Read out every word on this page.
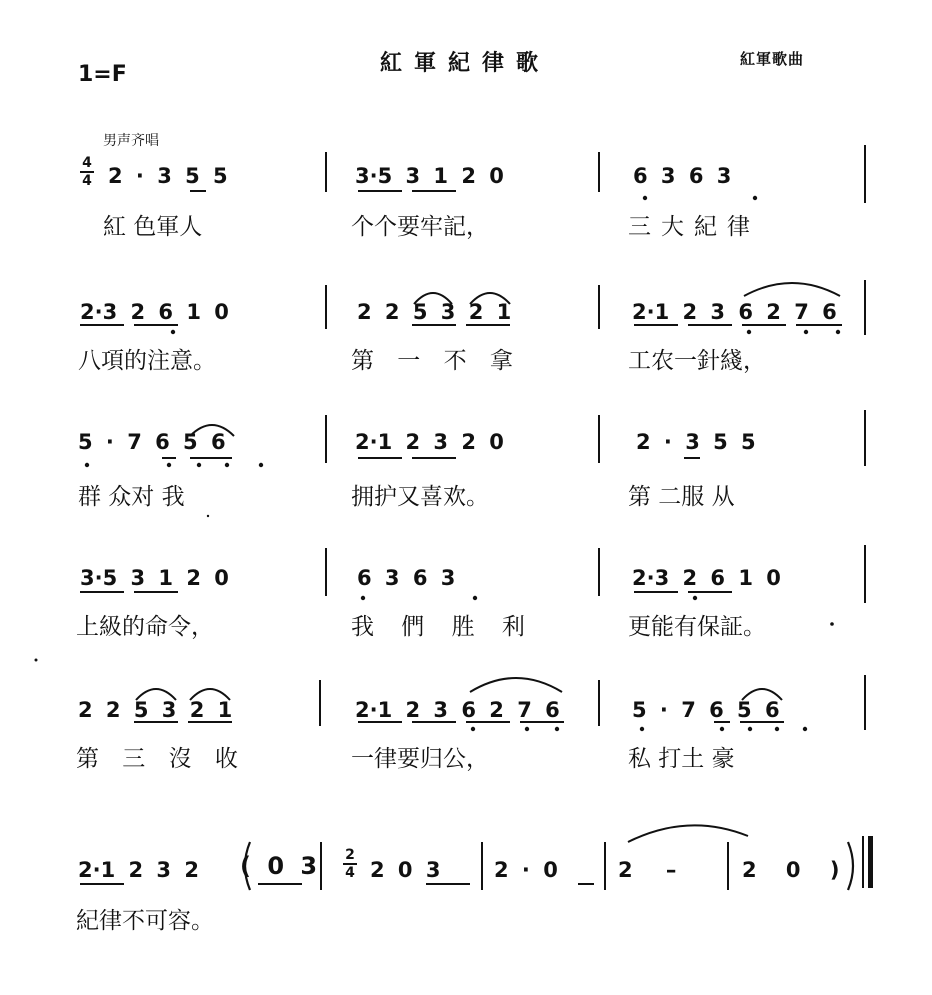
紅軍紀律歌
1=F
紅軍歌曲
男声齐唱
4
4 2 · 3 5 5	3·5 3 1 2 0	6 3 6 3
紅 色軍人	个个要牢記，	三大紀律
2·3 2 6 1 0	2 2 5 3 2 1	2·1 2 3 6 2 7 6
八項的注意。	第 一 不 拿	工农一針綫，
5 · 7 6 5 6	2·1 2 3 2 0	2 · 3 5 5
群 众对 我	拥护又喜欢。	第 二服 从
3·5 3 1 2 0	6 3 6 3	2·3 2 6 1 0
上級的命令，	我 們 胜 利	更能有保証。
2 2 5 3 2 1	2·1 2 3 6 2 7 6	5 · 7 6 5 6
第 三 沒 收	一律要归公，	私 打土 豪
2·1 2 3 2 ( 0 3 2
4 2 0 3	2 · 0	2 –	2 0 )
紀律不可容。
